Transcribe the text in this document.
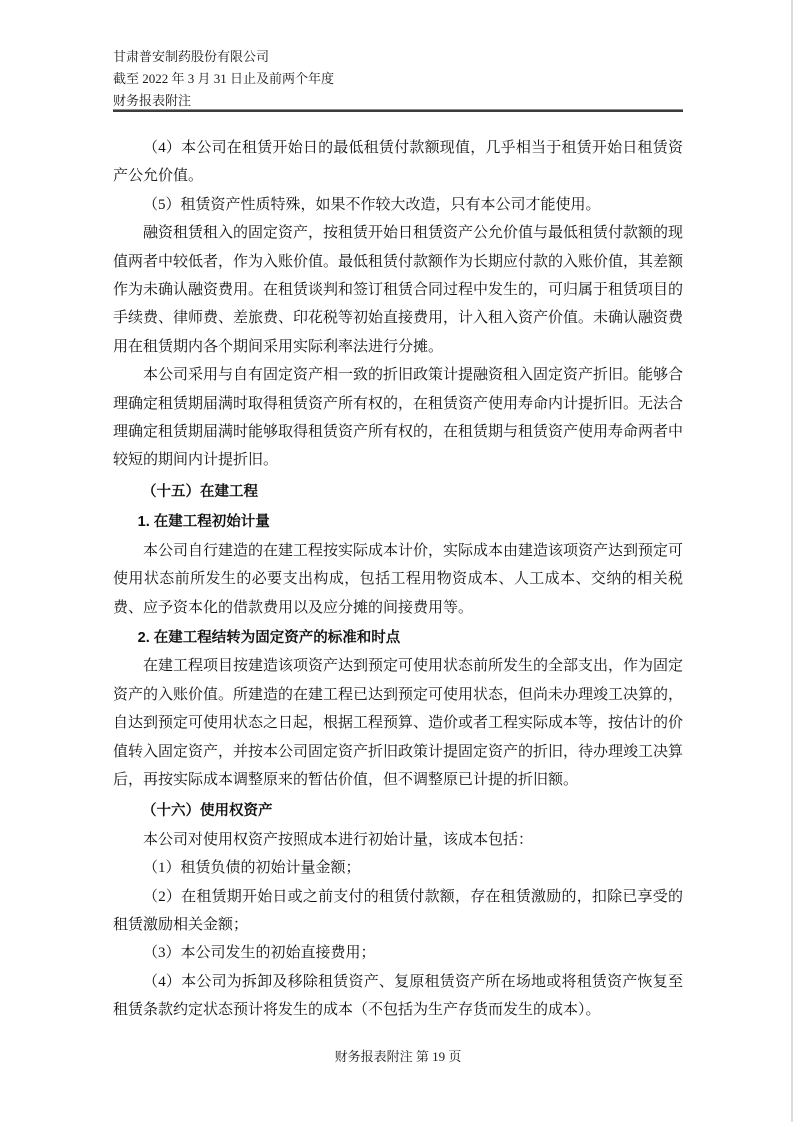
甘肃普安制药股份有限公司

截至 2022 年 3 月 31 日止及前两个年度

财务报表附注

（4）本公司在租赁开始日的最低租赁付款额现值，几乎相当于租赁开始日租赁资产公允价值。

（5）租赁资产性质特殊，如果不作较大改造，只有本公司才能使用。

融资租赁租入的固定资产，按租赁开始日租赁资产公允价值与最低租赁付款额的现值两者中较低者，作为入账价值。最低租赁付款额作为长期应付款的入账价值，其差额作为未确认融资费用。在租赁谈判和签订租赁合同过程中发生的，可归属于租赁项目的手续费、律师费、差旅费、印花税等初始直接费用，计入租入资产价值。未确认融资费用在租赁期内各个期间采用实际利率法进行分摊。

本公司采用与自有固定资产相一致的折旧政策计提融资租入固定资产折旧。能够合理确定租赁期届满时取得租赁资产所有权的，在租赁资产使用寿命内计提折旧。无法合理确定租赁期届满时能够取得租赁资产所有权的，在租赁期与租赁资产使用寿命两者中较短的期间内计提折旧。

（十五）在建工程

1. 在建工程初始计量

本公司自行建造的在建工程按实际成本计价，实际成本由建造该项资产达到预定可使用状态前所发生的必要支出构成，包括工程用物资成本、人工成本、交纳的相关税费、应予资本化的借款费用以及应分摊的间接费用等。

2. 在建工程结转为固定资产的标准和时点

在建工程项目按建造该项资产达到预定可使用状态前所发生的全部支出，作为固定资产的入账价值。所建造的在建工程已达到预定可使用状态，但尚未办理竣工决算的，自达到预定可使用状态之日起，根据工程预算、造价或者工程实际成本等，按估计的价值转入固定资产，并按本公司固定资产折旧政策计提固定资产的折旧，待办理竣工决算后，再按实际成本调整原来的暂估价值，但不调整原已计提的折旧额。

（十六）使用权资产

本公司对使用权资产按照成本进行初始计量，该成本包括：

（1）租赁负债的初始计量金额；

（2）在租赁期开始日或之前支付的租赁付款额，存在租赁激励的，扣除已享受的租赁激励相关金额；

（3）本公司发生的初始直接费用；

（4）本公司为拆卸及移除租赁资产、复原租赁资产所在场地或将租赁资产恢复至租赁条款约定状态预计将发生的成本（不包括为生产存货而发生的成本）。

财务报表附注 第 19 页
